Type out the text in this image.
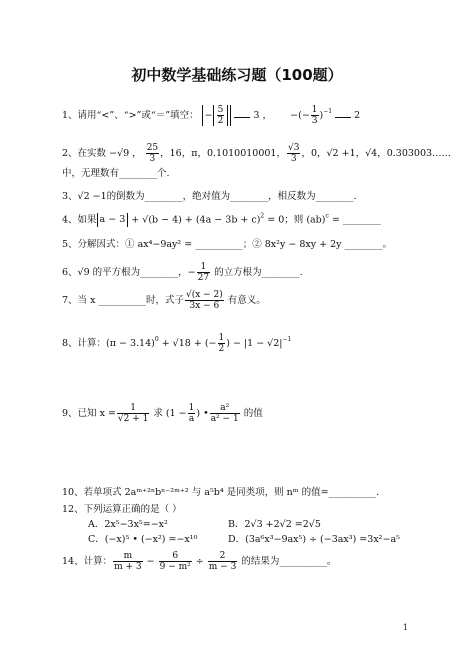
初中数学基础练习题（100题）
1、请用“<”、“>”或“＝”填空： − $\frac{5}{2}$	3 ， −(− $\frac{1}{3} )^{-1}$ 2
2、在实数 −√9 ， $\frac{25}{3}$ ，16，π，0.1010010001， $\frac{√3}{3}$ ，0，√2 +1，√4，0.303003……
中，无理数有________个.
3、√2 −1的倒数为________，绝对值为________，相反数为________.
4、如果 $a - 3 + √(b - 4) + (4a - 3b + c)^2 = 0$；则 (ab)$^c$ = ________
5、分解因式：① ax⁴−9ay² = __________；② 8x²y − 8xy + 2y ________。
6、√9 的平方根为________，− $\frac{1}{27}$ 的立方根为________.
7、当 x __________时，式子 $\frac{√(x - 2)}{3x - 6}$ 有意义。
8、计算：$(\pi - 3.14)^0 + √18$ + (− $\frac{1}{2}$ ) − $|1 - √2|^{-1}$
9、已知 $x = \frac{1}{√2 + 1}$ 求 ($1 - \frac{1}{a}$ ) • $\frac{\text{a²}}{\text{a² − 1}}$ 的值
10、若单项式 2aᵐ⁺²ⁿbⁿ⁻²ᵐ⁺² 与 a⁵b⁴ 是同类项，则 nᵐ 的值=__________.
12、下列运算正确的是（ ）
A．2x⁵−3x⁵=−x²	B．2√3 +2√2 =2√5
C．(−x)⁵ • (−x²) =−x¹⁰	D．(3a⁶x³−9ax⁵) ÷ (−3ax³) =3x²−a⁵
14、计算： $\frac{m}{m + 3} - \frac{6}{\text{9 − m²}} \div \frac{2}{m - 3}$ 的结果为__________。
1
